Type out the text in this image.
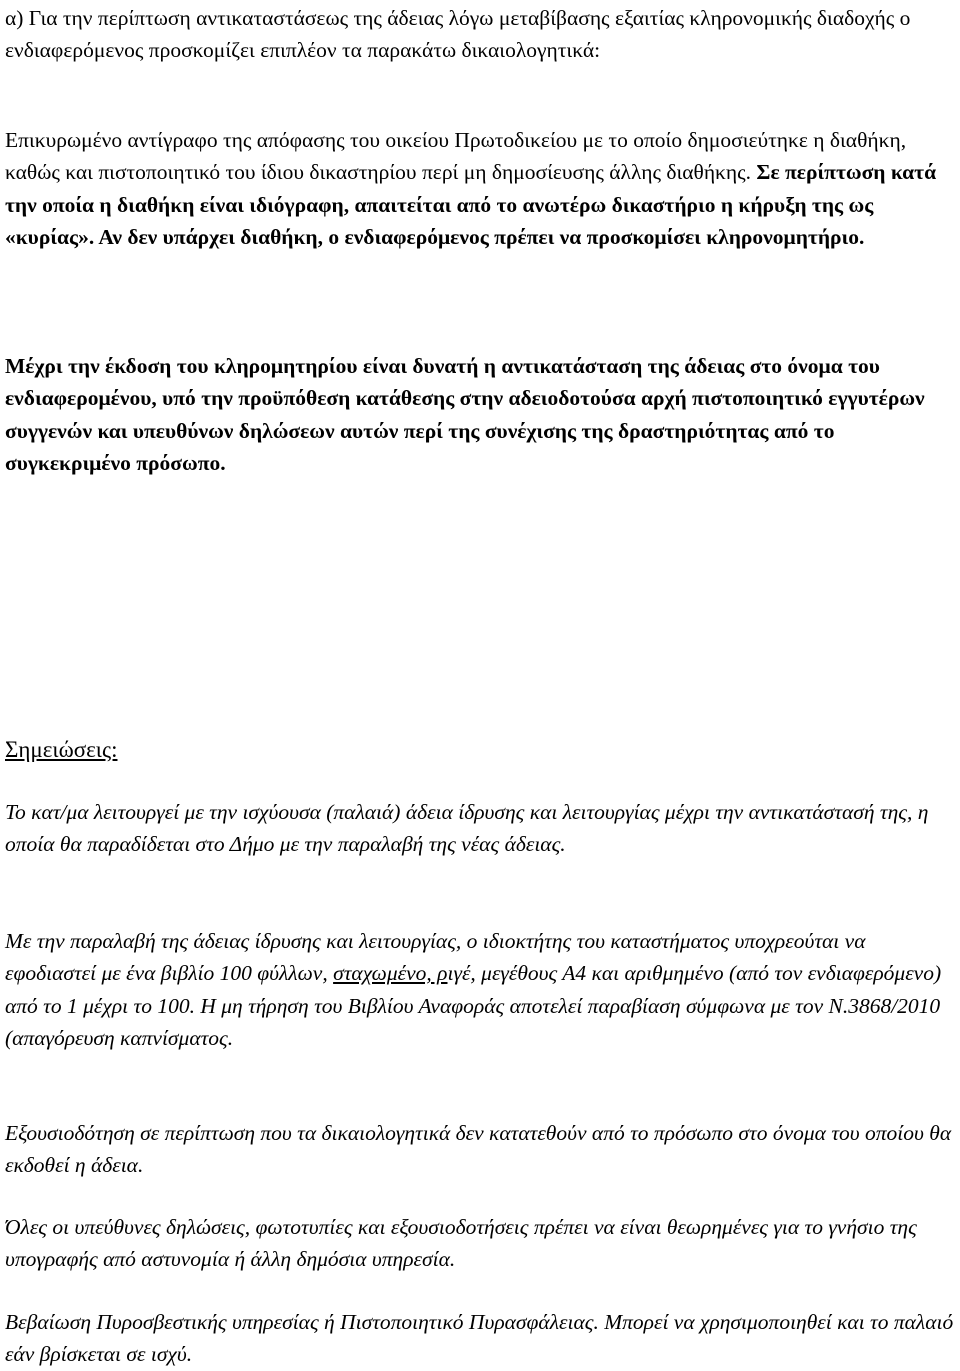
α) Για την περίπτωση αντικαταστάσεως της άδειας λόγω μεταβίβασης εξαιτίας κληρονομικής διαδοχής ο ενδιαφερόμενος προσκομίζει επιπλέον τα παρακάτω δικαιολογητικά:

Επικυρωμένο αντίγραφο της απόφασης του οικείου Πρωτοδικείου με το οποίο δημοσιεύτηκε η διαθήκη, καθώς και πιστοποιητικό του ίδιου δικαστηρίου περί μη δημοσίευσης άλλης διαθήκης. Σε περίπτωση κατά την οποία η διαθήκη είναι ιδιόγραφη, απαιτείται από το ανωτέρω δικαστήριο η κήρυξη της ως «κυρίας». Αν δεν υπάρχει διαθήκη, ο ενδιαφερόμενος πρέπει να προσκομίσει κληρονομητήριο.

Μέχρι την έκδοση του κληρομητηρίου είναι δυνατή η αντικατάσταση της άδειας στο όνομα του ενδιαφερομένου, υπό την προϋπόθεση κατάθεσης στην αδειοδοτούσα αρχή πιστοποιητικό εγγυτέρων συγγενών και υπευθύνων δηλώσεων αυτών περί της συνέχισης της δραστηριότητας από το συγκεκριμένο πρόσωπο.

Σημειώσεις:

Το κατ/μα λειτουργεί με την ισχύουσα (παλαιά) άδεια ίδρυσης και λειτουργίας μέχρι την αντικατάστασή της, η οποία θα παραδίδεται στο Δήμο με την παραλαβή της νέας άδειας.

Με την παραλαβή της άδειας ίδρυσης και λειτουργίας, ο ιδιοκτήτης του καταστήματος υποχρεούται να εφοδιαστεί με ένα βιβλίο 100 φύλλων, σταχωμένο, ριγέ, μεγέθους Α4 και αριθμημένο (από τον ενδιαφερόμενο) από το 1 μέχρι το 100. Η μη τήρηση του Βιβλίου Αναφοράς αποτελεί παραβίαση σύμφωνα με τον Ν.3868/2010 (απαγόρευση καπνίσματος.

Εξουσιοδότηση σε περίπτωση που τα δικαιολογητικά δεν κατατεθούν από το πρόσωπο στο όνομα του οποίου θα εκδοθεί η άδεια.

Όλες οι υπεύθυνες δηλώσεις, φωτοτυπίες και εξουσιοδοτήσεις πρέπει να είναι θεωρημένες για το γνήσιο της υπογραφής από αστυνομία ή άλλη δημόσια υπηρεσία.

Βεβαίωση Πυροσβεστικής υπηρεσίας ή Πιστοποιητικό Πυρασφάλειας. Μπορεί να χρησιμοποιηθεί και το παλαιό εάν βρίσκεται σε ισχύ.
